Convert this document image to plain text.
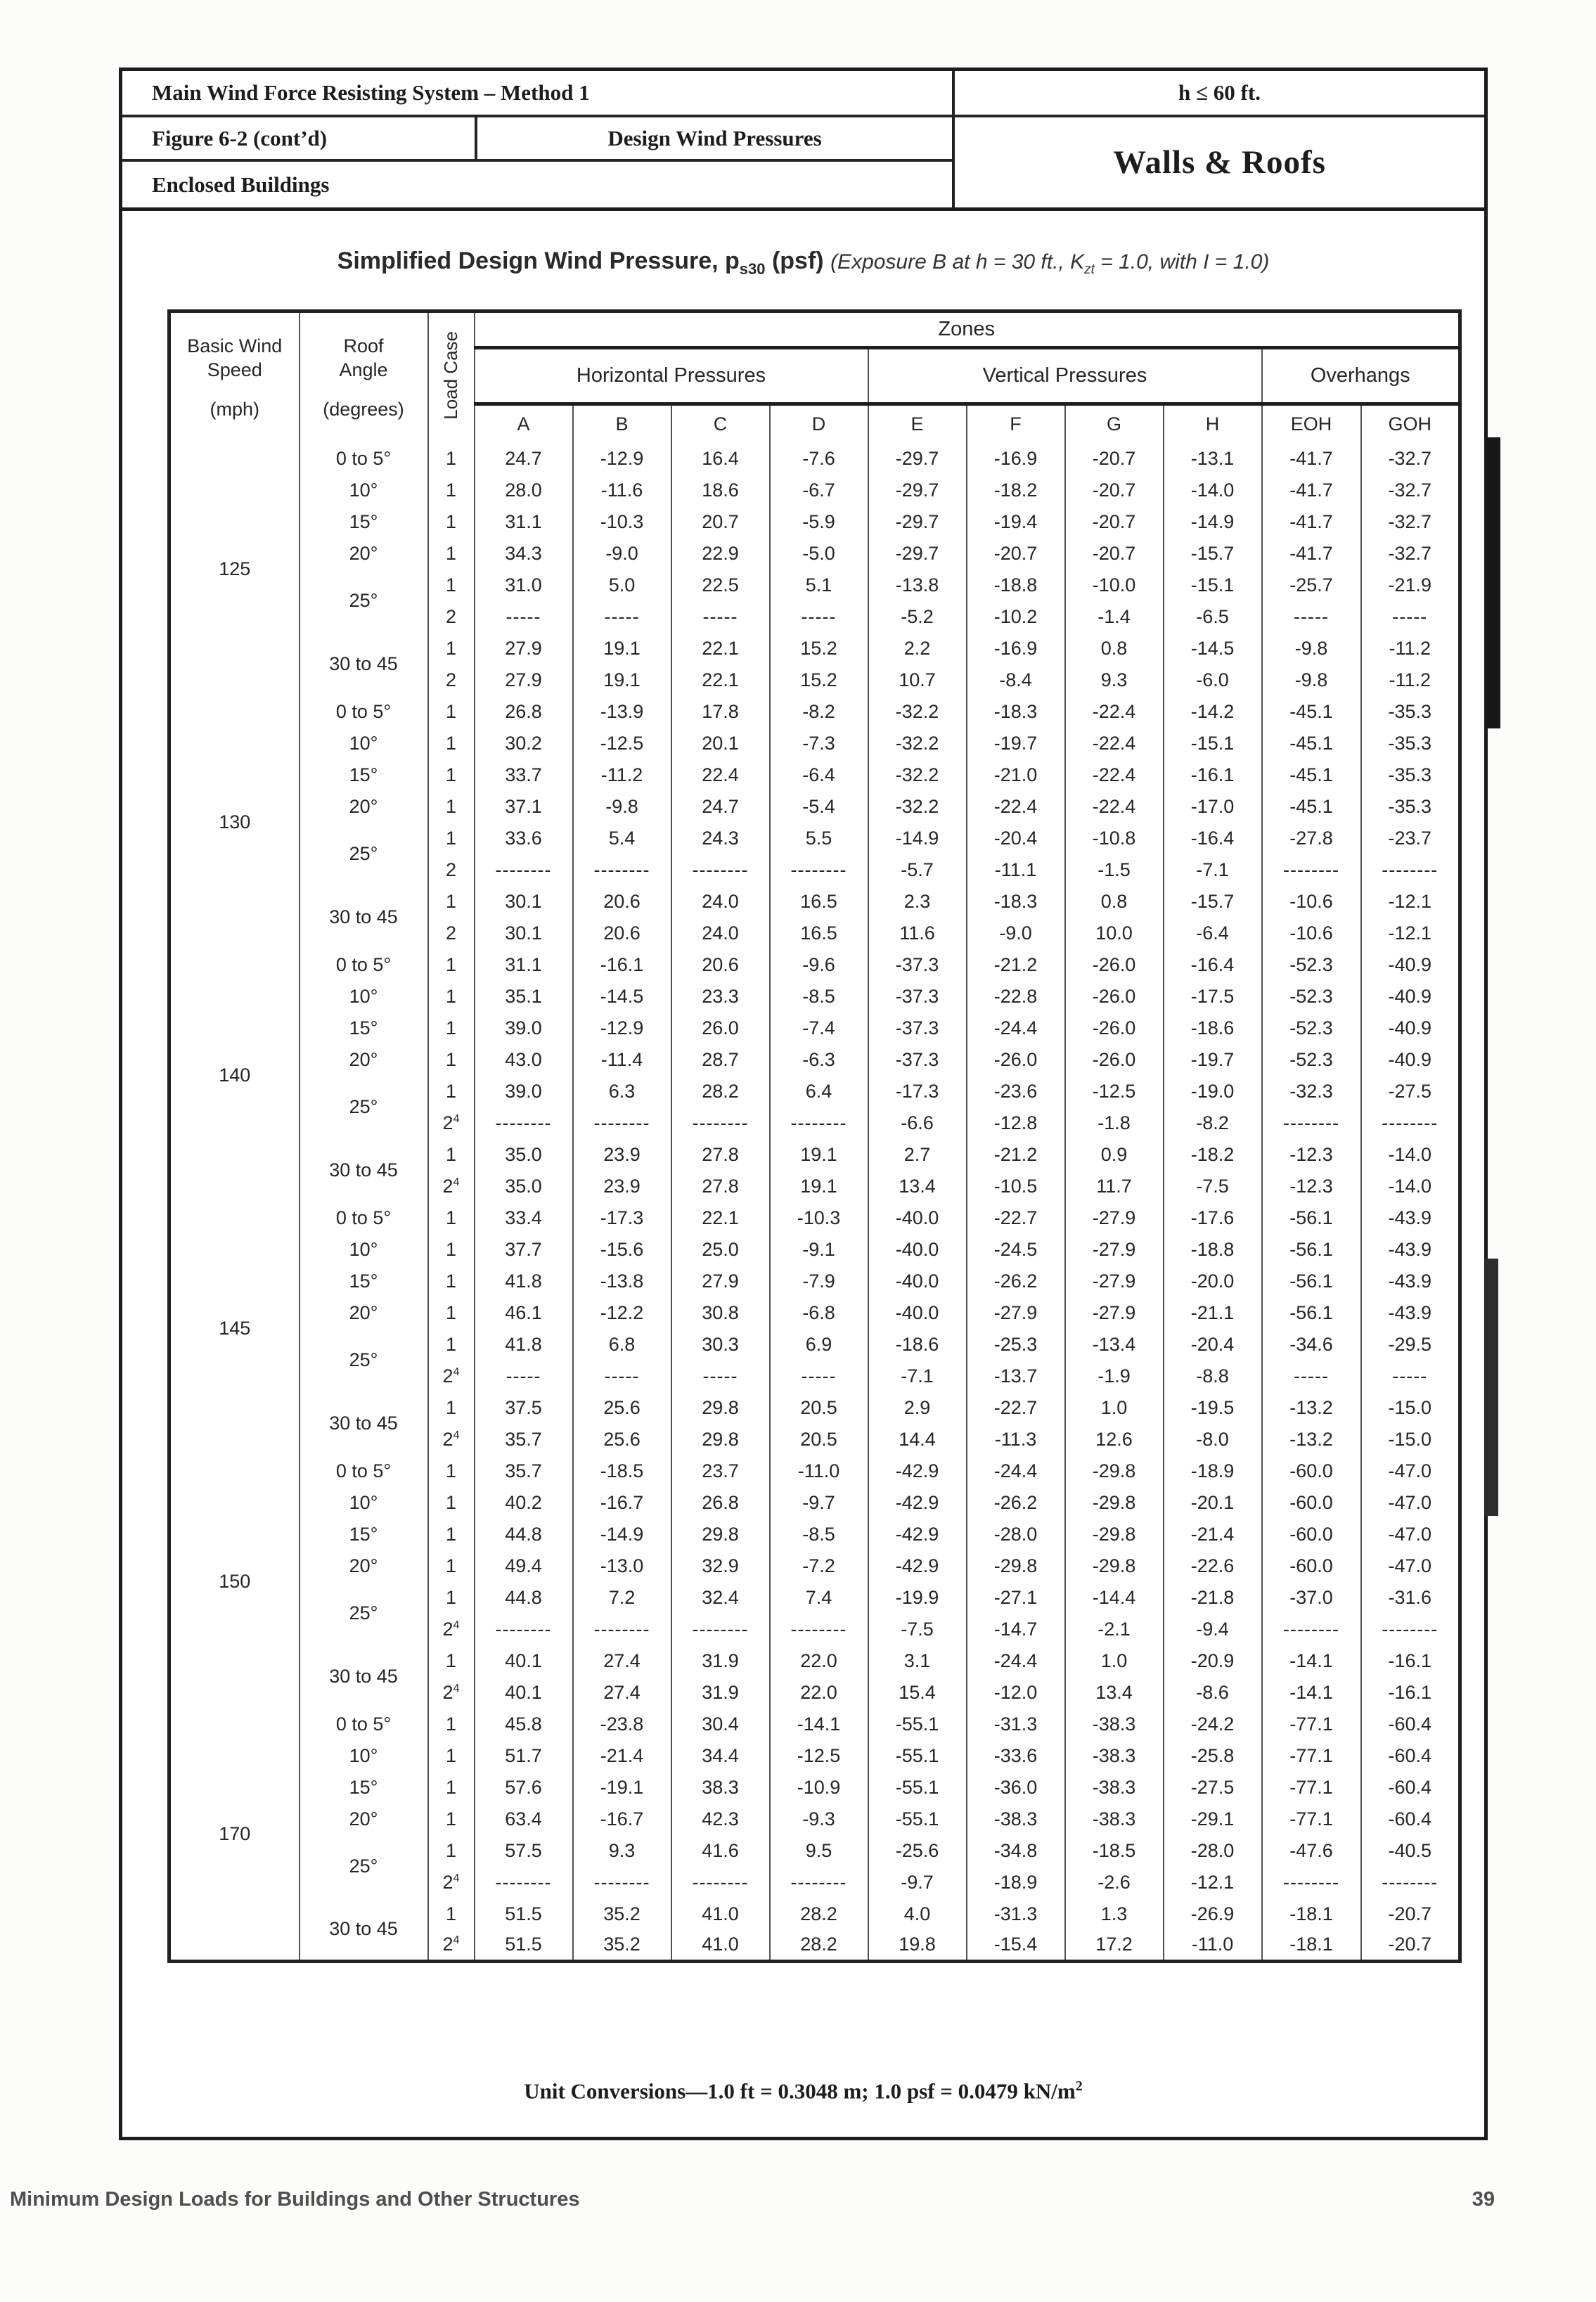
Main Wind Force Resisting System – Method 1	h ≤ 60 ft.
Figure 6-2 (cont’d)	Design Wind Pressures
Enclosed Buildings
Walls & Roofs
Simplified Design Wind Pressure, $p_{s30}$ (psf) (Exposure B at h = 30 ft., $K_{zt} = 1.0$, with I = 1.0)
Basic Wind
Speed
(mph)	Roof
Angle
(degrees)	Load Case	Zones									
			Horizontal Pressures				Vertical Pressures				Overhangs	
			A	B	C	D	E	F	G	H	EOH	GOH
125	0 to 5°	1	24.7	-12.9	16.4	-7.6	-29.7	-16.9	-20.7	-13.1	-41.7	-32.7
	10°	1	28.0	-11.6	18.6	-6.7	-29.7	-18.2	-20.7	-14.0	-41.7	-32.7
	15°	1	31.1	-10.3	20.7	-5.9	-29.7	-19.4	-20.7	-14.9	-41.7	-32.7
	20°	1	34.3	-9.0	22.9	-5.0	-29.7	-20.7	-20.7	-15.7	-41.7	-32.7
	25°	1	31.0	5.0	22.5	5.1	-13.8	-18.8	-10.0	-15.1	-25.7	-21.9
		2	-----	-----	-----	-----	-5.2	-10.2	-1.4	-6.5	-----	-----
	30 to 45	1	27.9	19.1	22.1	15.2	2.2	-16.9	0.8	-14.5	-9.8	-11.2
		2	27.9	19.1	22.1	15.2	10.7	-8.4	9.3	-6.0	-9.8	-11.2
130	0 to 5°	1	26.8	-13.9	17.8	-8.2	-32.2	-18.3	-22.4	-14.2	-45.1	-35.3
	10°	1	30.2	-12.5	20.1	-7.3	-32.2	-19.7	-22.4	-15.1	-45.1	-35.3
	15°	1	33.7	-11.2	22.4	-6.4	-32.2	-21.0	-22.4	-16.1	-45.1	-35.3
	20°	1	37.1	-9.8	24.7	-5.4	-32.2	-22.4	-22.4	-17.0	-45.1	-35.3
	25°	1	33.6	5.4	24.3	5.5	-14.9	-20.4	-10.8	-16.4	-27.8	-23.7
		2	--------	--------	--------	--------	-5.7	-11.1	-1.5	-7.1	--------	--------
	30 to 45	1	30.1	20.6	24.0	16.5	2.3	-18.3	0.8	-15.7	-10.6	-12.1
		2	30.1	20.6	24.0	16.5	11.6	-9.0	10.0	-6.4	-10.6	-12.1
140	0 to 5°	1	31.1	-16.1	20.6	-9.6	-37.3	-21.2	-26.0	-16.4	-52.3	-40.9
	10°	1	35.1	-14.5	23.3	-8.5	-37.3	-22.8	-26.0	-17.5	-52.3	-40.9
	15°	1	39.0	-12.9	26.0	-7.4	-37.3	-24.4	-26.0	-18.6	-52.3	-40.9
	20°	1	43.0	-11.4	28.7	-6.3	-37.3	-26.0	-26.0	-19.7	-52.3	-40.9
	25°	1	39.0	6.3	28.2	6.4	-17.3	-23.6	-12.5	-19.0	-32.3	-27.5
		$2^4$	--------	--------	--------	--------	-6.6	-12.8	-1.8	-8.2	--------	--------
	30 to 45	1	35.0	23.9	27.8	19.1	2.7	-21.2	0.9	-18.2	-12.3	-14.0
		$2^4$	35.0	23.9	27.8	19.1	13.4	-10.5	11.7	-7.5	-12.3	-14.0
145	0 to 5°	1	33.4	-17.3	22.1	-10.3	-40.0	-22.7	-27.9	-17.6	-56.1	-43.9
	10°	1	37.7	-15.6	25.0	-9.1	-40.0	-24.5	-27.9	-18.8	-56.1	-43.9
	15°	1	41.8	-13.8	27.9	-7.9	-40.0	-26.2	-27.9	-20.0	-56.1	-43.9
	20°	1	46.1	-12.2	30.8	-6.8	-40.0	-27.9	-27.9	-21.1	-56.1	-43.9
	25°	1	41.8	6.8	30.3	6.9	-18.6	-25.3	-13.4	-20.4	-34.6	-29.5
		$2^4$	-----	-----	-----	-----	-7.1	-13.7	-1.9	-8.8	-----	-----
	30 to 45	1	37.5	25.6	29.8	20.5	2.9	-22.7	1.0	-19.5	-13.2	-15.0
		$2^4$	35.7	25.6	29.8	20.5	14.4	-11.3	12.6	-8.0	-13.2	-15.0
150	0 to 5°	1	35.7	-18.5	23.7	-11.0	-42.9	-24.4	-29.8	-18.9	-60.0	-47.0
	10°	1	40.2	-16.7	26.8	-9.7	-42.9	-26.2	-29.8	-20.1	-60.0	-47.0
	15°	1	44.8	-14.9	29.8	-8.5	-42.9	-28.0	-29.8	-21.4	-60.0	-47.0
	20°	1	49.4	-13.0	32.9	-7.2	-42.9	-29.8	-29.8	-22.6	-60.0	-47.0
	25°	1	44.8	7.2	32.4	7.4	-19.9	-27.1	-14.4	-21.8	-37.0	-31.6
		$2^4$	--------	--------	--------	--------	-7.5	-14.7	-2.1	-9.4	--------	--------
	30 to 45	1	40.1	27.4	31.9	22.0	3.1	-24.4	1.0	-20.9	-14.1	-16.1
		$2^4$	40.1	27.4	31.9	22.0	15.4	-12.0	13.4	-8.6	-14.1	-16.1
170	0 to 5°	1	45.8	-23.8	30.4	-14.1	-55.1	-31.3	-38.3	-24.2	-77.1	-60.4
	10°	1	51.7	-21.4	34.4	-12.5	-55.1	-33.6	-38.3	-25.8	-77.1	-60.4
	15°	1	57.6	-19.1	38.3	-10.9	-55.1	-36.0	-38.3	-27.5	-77.1	-60.4
	20°	1	63.4	-16.7	42.3	-9.3	-55.1	-38.3	-38.3	-29.1	-77.1	-60.4
	25°	1	57.5	9.3	41.6	9.5	-25.6	-34.8	-18.5	-28.0	-47.6	-40.5
		$2^4$	--------	--------	--------	--------	-9.7	-18.9	-2.6	-12.1	--------	--------
	30 to 45	1	51.5	35.2	41.0	28.2	4.0	-31.3	1.3	-26.9	-18.1	-20.7
		$2^4$	51.5	35.2	41.0	28.2	19.8	-15.4	17.2	-11.0	-18.1	-20.7
Unit Conversions—1.0 ft = 0.3048 m; 1.0 psf = 0.0479 $kN/m^2$
Minimum Design Loads for Buildings and Other Structures	39
